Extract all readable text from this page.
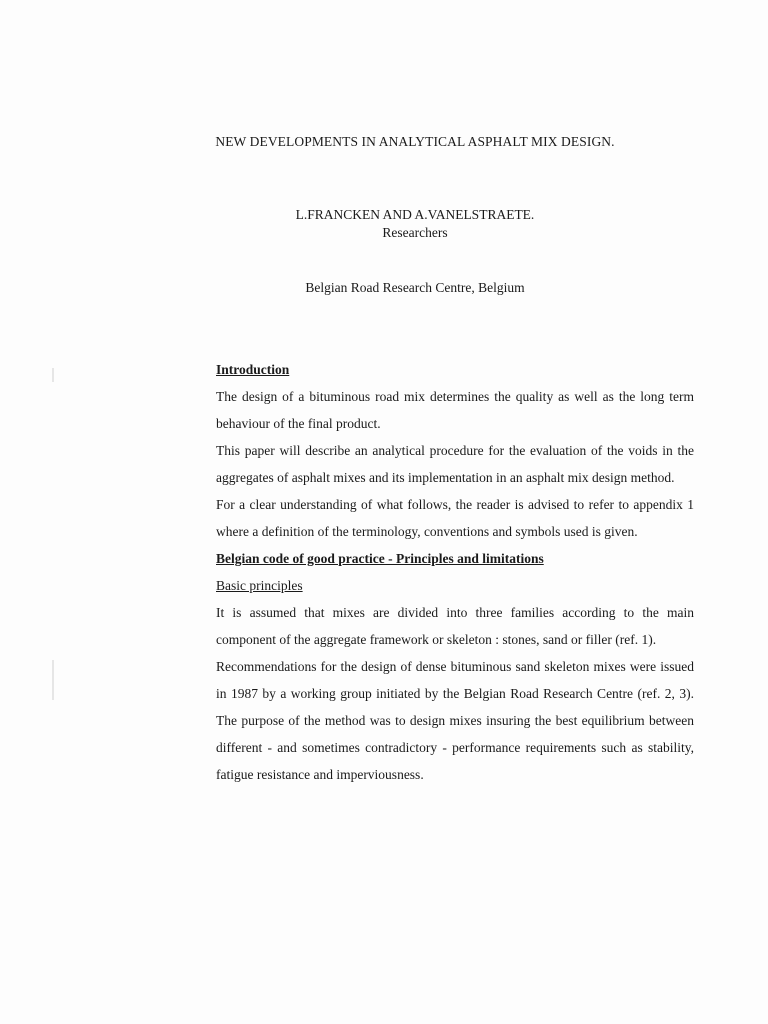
NEW DEVELOPMENTS IN ANALYTICAL ASPHALT MIX DESIGN.
L.FRANCKEN AND A.VANELSTRAETE.
Researchers
Belgian Road Research Centre, Belgium

Introduction

The design of a bituminous road mix determines the quality as well as the long term behaviour of the final product.

This paper will describe an analytical procedure for the evaluation of the voids in the aggregates of asphalt mixes and its implementation in an asphalt mix design method.

For a clear understanding of what follows, the reader is advised to refer to appendix 1 where a definition of the terminology, conventions and symbols used is given.

Belgian code of good practice - Principles and limitations

Basic principles

It is assumed that mixes are divided into three families according to the main component of the aggregate framework or skeleton : stones, sand or filler (ref. 1).

Recommendations for the design of dense bituminous sand skeleton mixes were issued in 1987 by a working group initiated by the Belgian Road Research Centre (ref. 2, 3). The purpose of the method was to design mixes insuring the best equilibrium between different - and sometimes contradictory - performance requirements such as stability, fatigue resistance and imperviousness.
